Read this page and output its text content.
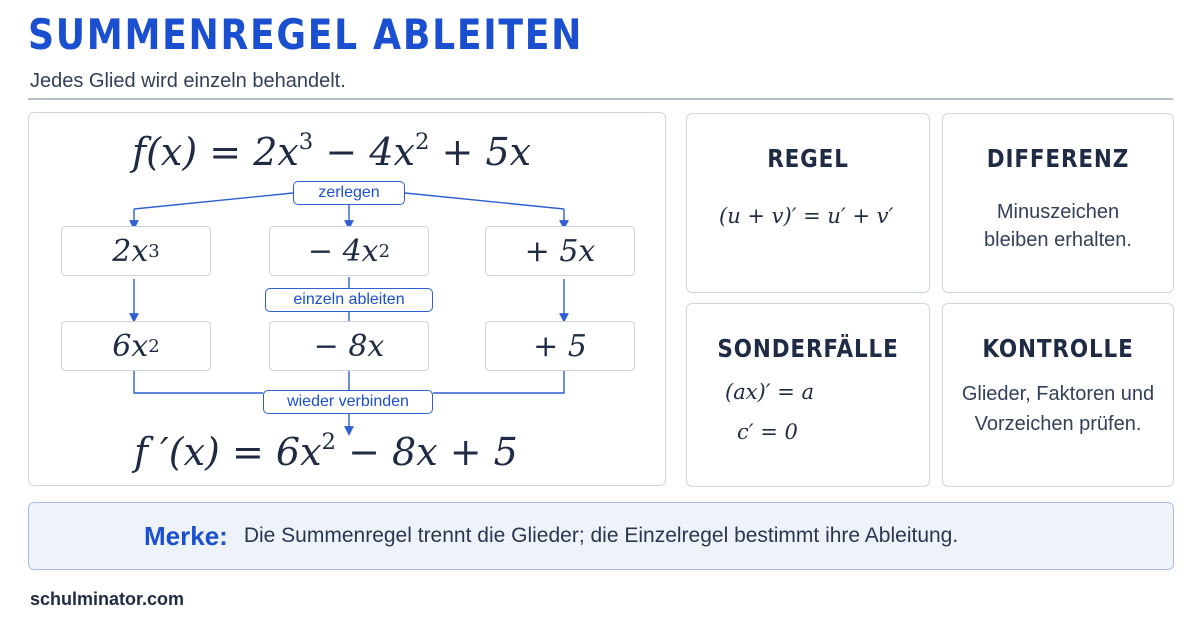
SUMMENREGEL ABLEITEN
Jedes Glied wird einzeln behandelt.
$f(x) = 2x^3 - 4x^2 + 5x$
zerlegen
2x 3	− 4x 2	+ 5x
einzeln ableiten
6x 2	− 8x	+ 5
wieder verbinden
f $'(x) = 6x^2 - 8x + 5$
REGEL
(u + v)′ = u′ + v′
DIFFERENZ
Minuszeichen
bleiben erhalten.
SONDERFÄLLE
(ax)′ = a
c′ = 0
KONTROLLE
Glieder, Faktoren und
Vorzeichen prüfen.
Merke: Die Summenregel trennt die Glieder; die Einzelregel bestimmt ihre Ableitung.
schulminator.com
